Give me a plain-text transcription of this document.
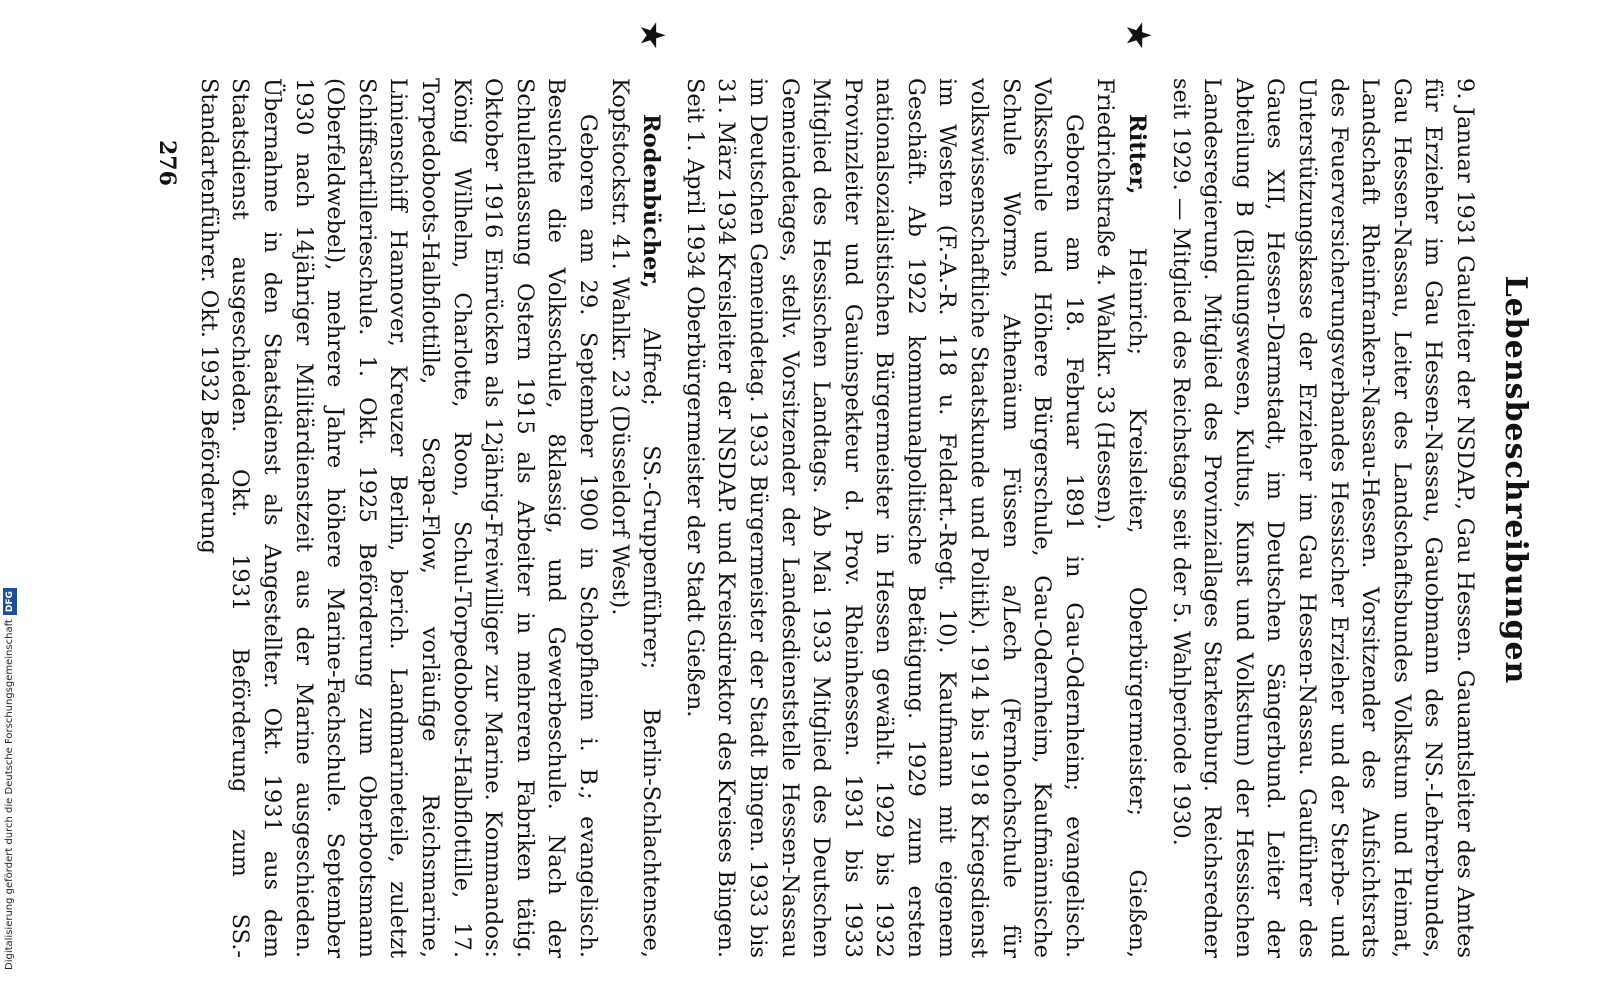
Lebensbeschreibungen

9. Januar 1931 Gauleiter der NSDAP., Gau Hessen. Gauamtsleiter des Amtes für Erzieher im Gau Hessen-Nassau, Gauobmann des NS.-Lehrerbundes, Gau Hessen-Nassau, Leiter des Landschaftsbundes Volkstum und Heimat, Landschaft Rheinfranken-Nassau-Hessen. Vorsitzender des Aufsichtsrats des Feuerversicherungsverbandes Hessischer Erzieher und der Sterbe- und Unterstützungskasse der Erzieher im Gau Hessen-Nassau. Gauführer des Gaues XII, Hessen-Darmstadt, im Deutschen Sängerbund. Leiter der Abteilung B (Bildungswesen, Kultus, Kunst und Volkstum) der Hessischen Landesregierung. Mitglied des Provinziallages Starkenburg. Reichsredner seit 1929. — Mitglied des Reichstags seit der 5. Wahlperiode 1930.

★

Ritter, Heinrich; Kreisleiter, Oberbürgermeister; Gießen, Friedrichstraße 4. Wahlkr. 33 (Hessen).

Geboren am 18. Februar 1891 in Gau-Odernheim; evangelisch. Volksschule und Höhere Bürgerschule, Gau-Odernheim, Kaufmännische Schule Worms, Athenäum Füssen a/Lech (Fernhochschule für volkswissenschaftliche Staatskunde und Politik). 1914 bis 1918 Kriegsdienst im Westen (F.-A.-R. 118 u. Feldart.-Regt. 10). Kaufmann mit eigenem Geschäft. Ab 1922 kommunalpolitische Betätigung. 1929 zum ersten nationalsozialistischen Bürgermeister in Hessen gewählt. 1929 bis 1932 Provinzleiter und Gauinspekteur d. Prov. Rheinhessen. 1931 bis 1933 Mitglied des Hessischen Landtags. Ab Mai 1933 Mitglied des Deutschen Gemeindetages, stellv. Vorsitzender der Landesdienststelle Hessen-Nassau im Deutschen Gemeindetag. 1933 Bürgermeister der Stadt Bingen. 1933 bis 31. März 1934 Kreisleiter der NSDAP. und Kreisdirektor des Kreises Bingen. Seit 1. April 1934 Oberbürgermeister der Stadt Gießen.

★

Rodenbücher, Alfred; SS.-Gruppenführer; Berlin-Schlachtensee, Kopfstockstr. 41. Wahlkr. 23 (Düsseldorf West).

Geboren am 29. September 1900 in Schopfheim i. B.; evangelisch. Besuchte die Volksschule, 8klassig, und Gewerbeschule. Nach der Schulentlassung Ostern 1915 als Arbeiter in mehreren Fabriken tätig. Oktober 1916 Einrücken als 12jährig-Freiwilliger zur Marine. Kommandos: König Wilhelm, Charlotte, Roon, Schul-Torpedoboots-Halbflottille, 17. Torpedoboots-Halbflottille, Scapa-Flow, vorläufige Reichsmarine, Linienschiff Hannover, Kreuzer Berlin, berich. Landmarineteile, zuletzt Schiffsartillerieschule. 1. Okt. 1925 Beförderung zum Oberbootsmann (Oberfeldwebel), mehrere Jahre höhere Marine-Fachschule. September 1930 nach 14jähriger Militärdienstzeit aus der Marine ausgeschieden. Übernahme in den Staatsdienst als Angestellter. Okt. 1931 aus dem Staatsdienst ausgeschieden. Okt. 1931 Beförderung zum SS.-Standartenführer. Okt. 1932 Beförderung

276
Digitalisierung gefördert durch die Deutsche ForschungsgemeinschaftDFG
